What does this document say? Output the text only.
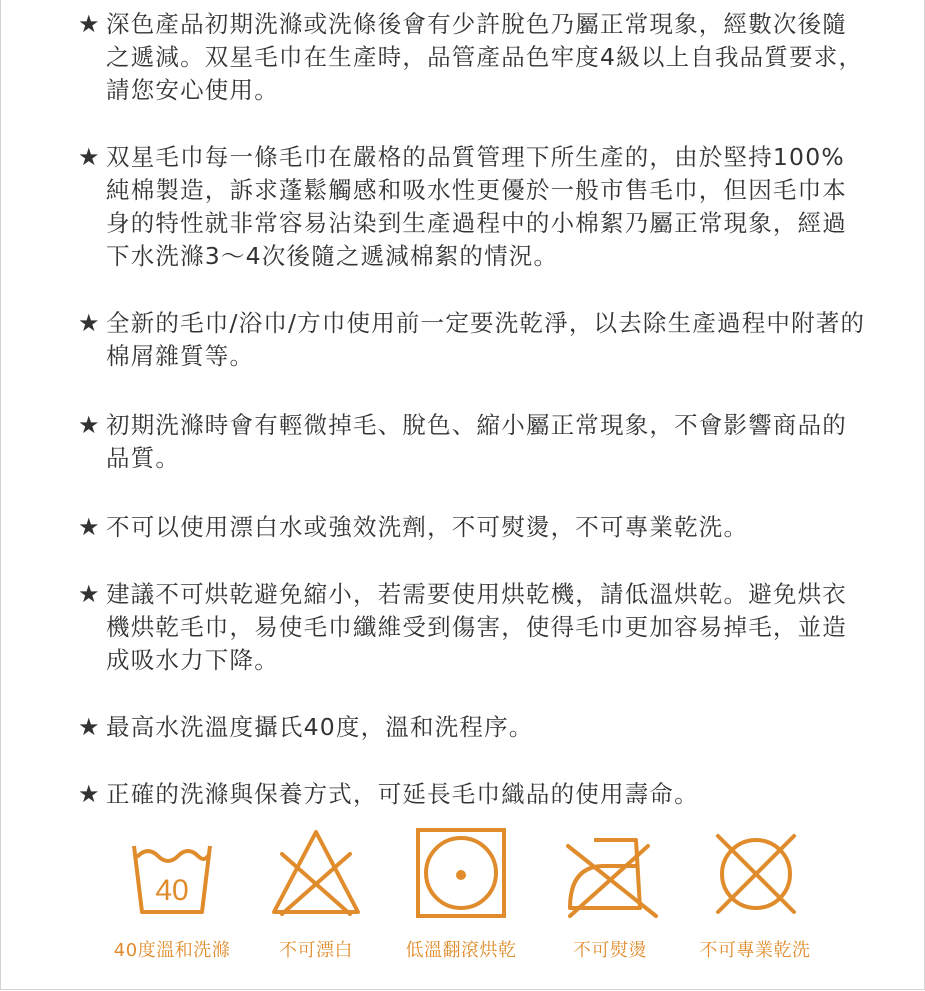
★ 深色產品初期洗滌或洗條後會有少許脫色乃屬正常現象，經數次後隨之遞減。双星毛巾在生產時，品管產品色牢度4級以上自我品質要求，請您安心使用。
★ 双星毛巾每一條毛巾在嚴格的品質管理下所生產的，由於堅持100%純棉製造，訴求蓬鬆觸感和吸水性更優於一般市售毛巾，但因毛巾本身的特性就非常容易沾染到生產過程中的小棉絮乃屬正常現象，經過下水洗滌3～4次後隨之遞減棉絮的情況。
★ 全新的毛巾/浴巾/方巾使用前一定要洗乾淨，以去除生產過程中附著的棉屑雜質等。
★ 初期洗滌時會有輕微掉毛、脫色、縮小屬正常現象，不會影響商品的品質。
★ 不可以使用漂白水或強效洗劑，不可熨燙，不可專業乾洗。
★ 建議不可烘乾避免縮小，若需要使用烘乾機，請低溫烘乾。避免烘衣機烘乾毛巾，易使毛巾纖維受到傷害，使得毛巾更加容易掉毛，並造成吸水力下降。
★ 最高水洗溫度攝氏40度，溫和洗程序。
★ 正確的洗滌與保養方式，可延長毛巾織品的使用壽命。
40
40度溫和洗滌	不可漂白	低溫翻滾烘乾	不可熨燙	不可專業乾洗
